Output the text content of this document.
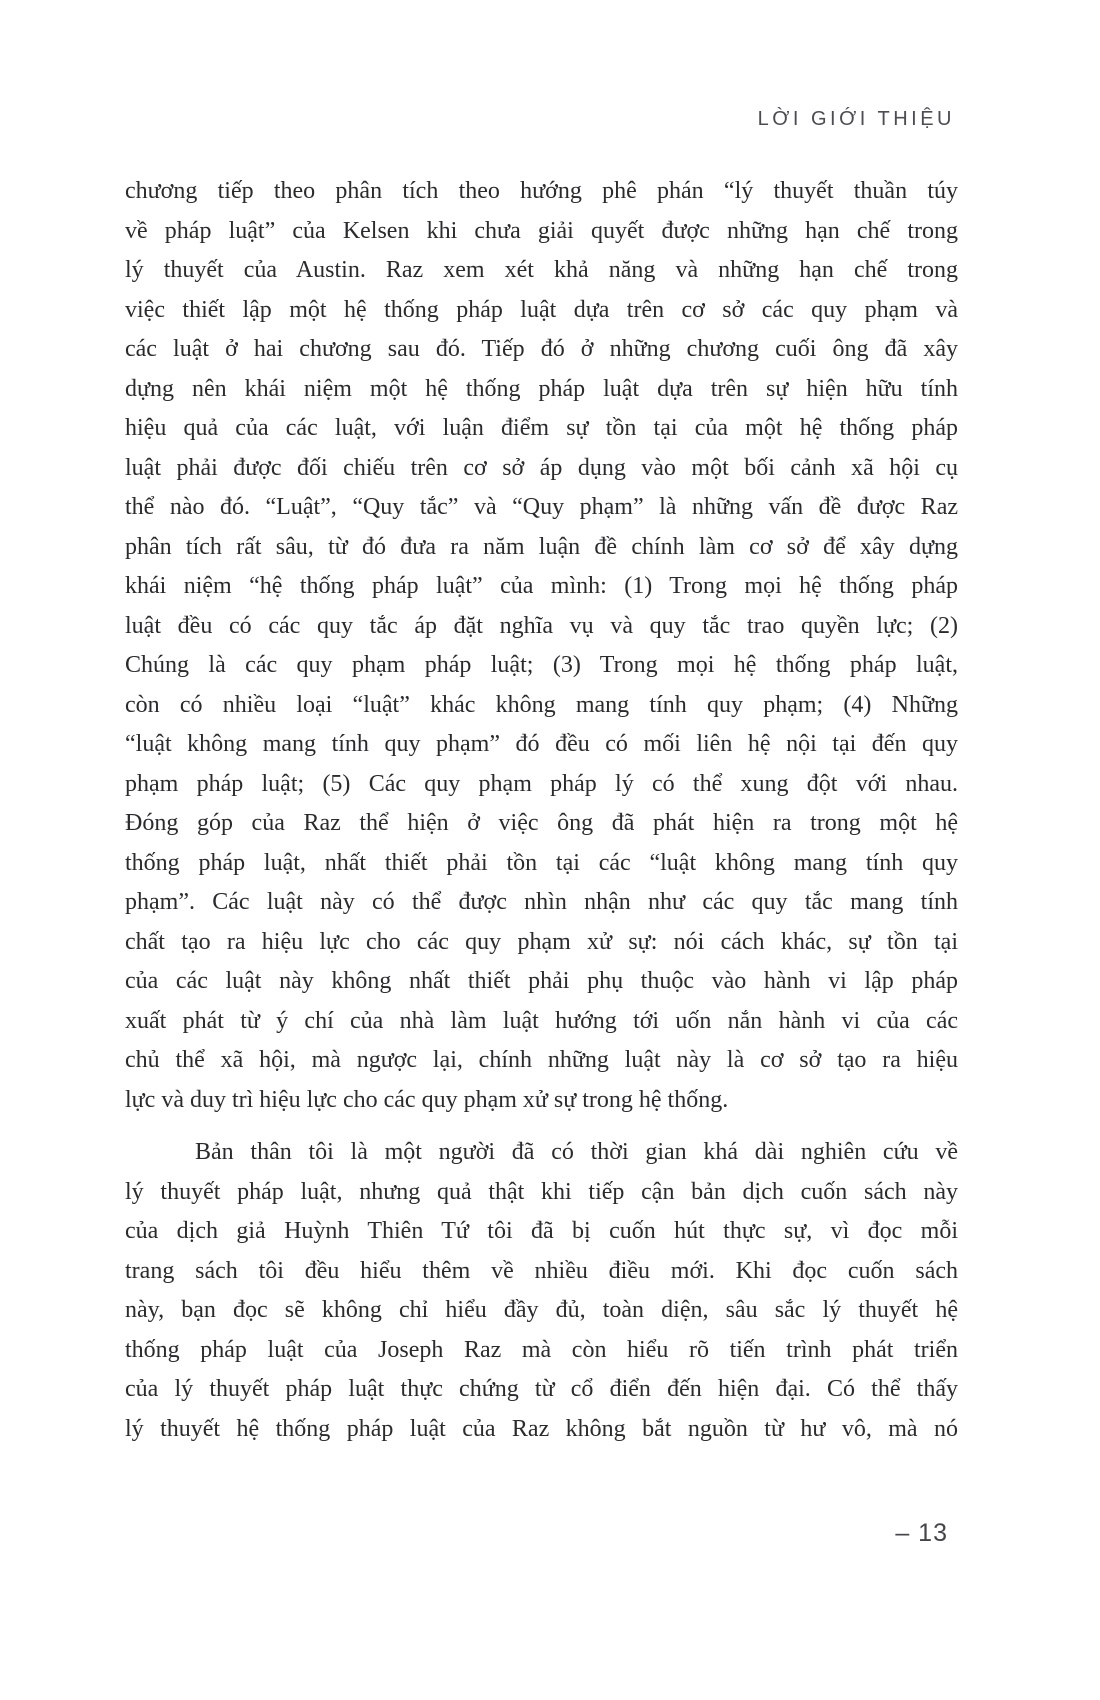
LỜI GIỚI THIỆU
chương tiếp theo phân tích theo hướng phê phán “lý thuyết thuần túy
về pháp luật” của Kelsen khi chưa giải quyết được những hạn chế trong
lý thuyết của Austin. Raz xem xét khả năng và những hạn chế trong
việc thiết lập một hệ thống pháp luật dựa trên cơ sở các quy phạm và
các luật ở hai chương sau đó. Tiếp đó ở những chương cuối ông đã xây
dựng nên khái niệm một hệ thống pháp luật dựa trên sự hiện hữu tính
hiệu quả của các luật, với luận điểm sự tồn tại của một hệ thống pháp
luật phải được đối chiếu trên cơ sở áp dụng vào một bối cảnh xã hội cụ
thể nào đó. “Luật”, “Quy tắc” và “Quy phạm” là những vấn đề được Raz
phân tích rất sâu, từ đó đưa ra năm luận đề chính làm cơ sở để xây dựng
khái niệm “hệ thống pháp luật” của mình: (1) Trong mọi hệ thống pháp
luật đều có các quy tắc áp đặt nghĩa vụ và quy tắc trao quyền lực; (2)
Chúng là các quy phạm pháp luật; (3) Trong mọi hệ thống pháp luật,
còn có nhiều loại “luật” khác không mang tính quy phạm; (4) Những
“luật không mang tính quy phạm” đó đều có mối liên hệ nội tại đến quy
phạm pháp luật; (5) Các quy phạm pháp lý có thể xung đột với nhau.
Đóng góp của Raz thể hiện ở việc ông đã phát hiện ra trong một hệ
thống pháp luật, nhất thiết phải tồn tại các “luật không mang tính quy
phạm”. Các luật này có thể được nhìn nhận như các quy tắc mang tính
chất tạo ra hiệu lực cho các quy phạm xử sự: nói cách khác, sự tồn tại
của các luật này không nhất thiết phải phụ thuộc vào hành vi lập pháp
xuất phát từ ý chí của nhà làm luật hướng tới uốn nắn hành vi của các
chủ thể xã hội, mà ngược lại, chính những luật này là cơ sở tạo ra hiệu
lực và duy trì hiệu lực cho các quy phạm xử sự trong hệ thống.
Bản thân tôi là một người đã có thời gian khá dài nghiên cứu về
lý thuyết pháp luật, nhưng quả thật khi tiếp cận bản dịch cuốn sách này
của dịch giả Huỳnh Thiên Tứ tôi đã bị cuốn hút thực sự, vì đọc mỗi
trang sách tôi đều hiểu thêm về nhiều điều mới. Khi đọc cuốn sách
này, bạn đọc sẽ không chỉ hiểu đầy đủ, toàn diện, sâu sắc lý thuyết hệ
thống pháp luật của Joseph Raz mà còn hiểu rõ tiến trình phát triển
của lý thuyết pháp luật thực chứng từ cổ điển đến hiện đại. Có thể thấy
lý thuyết hệ thống pháp luật của Raz không bắt nguồn từ hư vô, mà nó
– 13
